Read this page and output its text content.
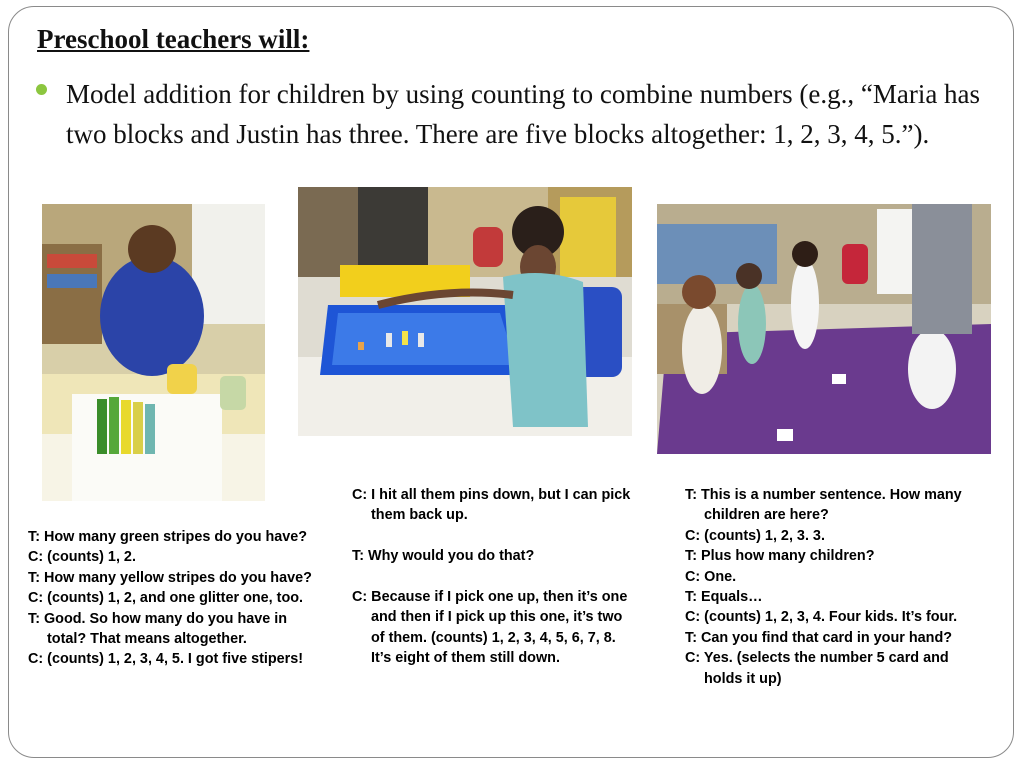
Preschool teachers will:
Model addition for children by using counting to combine numbers (e.g., “Maria has two blocks and Justin has three. There are five blocks altogether: 1, 2, 3, 4, 5.”).

T: How many green stripes do you have?

C: (counts) 1, 2.

T: How many yellow stripes do you have?

C: (counts) 1, 2, and one glitter one, too.

T: Good. So how many do you have in total? That means altogether.

C: (counts) 1, 2, 3, 4, 5. I got five stipers!

C: I hit all them pins down, but I can pick them back up.

T: Why would you do that?

C: Because if I pick one up, then it’s one and then if I pick up this one, it’s two of them. (counts) 1, 2, 3, 4, 5, 6, 7, 8. It’s eight of them still down.

T: This is a number sentence. How many children are here?

C: (counts) 1, 2, 3. 3.

T: Plus how many children?

C: One.

T: Equals…

C: (counts) 1, 2, 3, 4. Four kids. It’s four.

T: Can you find that card in your hand?

C: Yes. (selects the number 5 card and holds it up)
